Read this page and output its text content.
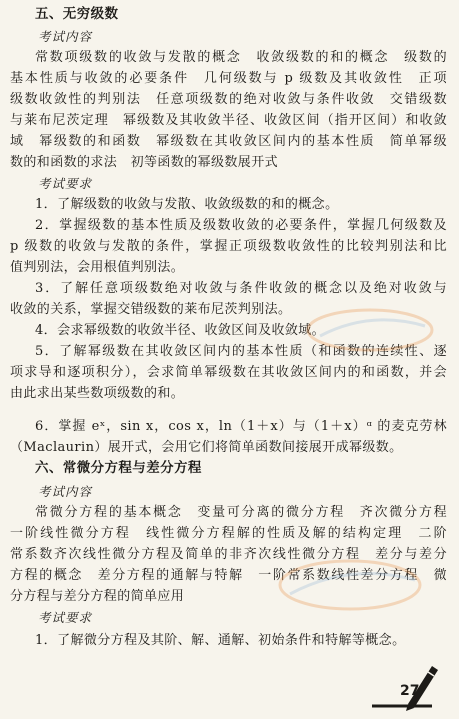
五、无穷级数
考试内容
常数项级数的收敛与发散的概念　收敛级数的和的概念　级数的
基本性质与收敛的必要条件　几何级数与 p 级数及其收敛性　正项
级数收敛性的判别法　任意项级数的绝对收敛与条件收敛　交错级数
与莱布尼茨定理　幂级数及其收敛半径、收敛区间（指开区间）和收敛
域　幂级数的和函数　幂级数在其收敛区间内的基本性质　简单幂级
数的和函数的求法　初等函数的幂级数展开式
考试要求
1．了解级数的收敛与发散、收敛级数的和的概念。
2．掌握级数的基本性质及级数收敛的必要条件，掌握几何级数及
p 级数的收敛与发散的条件，掌握正项级数收敛性的比较判别法和比
值判别法，会用根值判别法。
3．了解任意项级数绝对收敛与条件收敛的概念以及绝对收敛与
收敛的关系，掌握交错级数的莱布尼茨判别法。
4．会求幂级数的收敛半径、收敛区间及收敛域。
5．了解幂级数在其收敛区间内的基本性质（和函数的连续性、逐
项求导和逐项积分），会求简单幂级数在其收敛区间内的和函数，并会
由此求出某些数项级数的和。
6．掌握 eˣ，sin x，cos x，ln（1＋x）与（1＋x）ᵅ 的麦克劳林
（Maclaurin）展开式，会用它们将简单函数间接展开成幂级数。
六、常微分方程与差分方程
考试内容
常微分方程的基本概念　变量可分离的微分方程　齐次微分方程
一阶线性微分方程　线性微分方程解的性质及解的结构定理　二阶
常系数齐次线性微分方程及简单的非齐次线性微分方程　差分与差分
方程的概念　差分方程的通解与特解　一阶常系数线性差分方程　微
分方程与差分方程的简单应用
考试要求
1．了解微分方程及其阶、解、通解、初始条件和特解等概念。
27
